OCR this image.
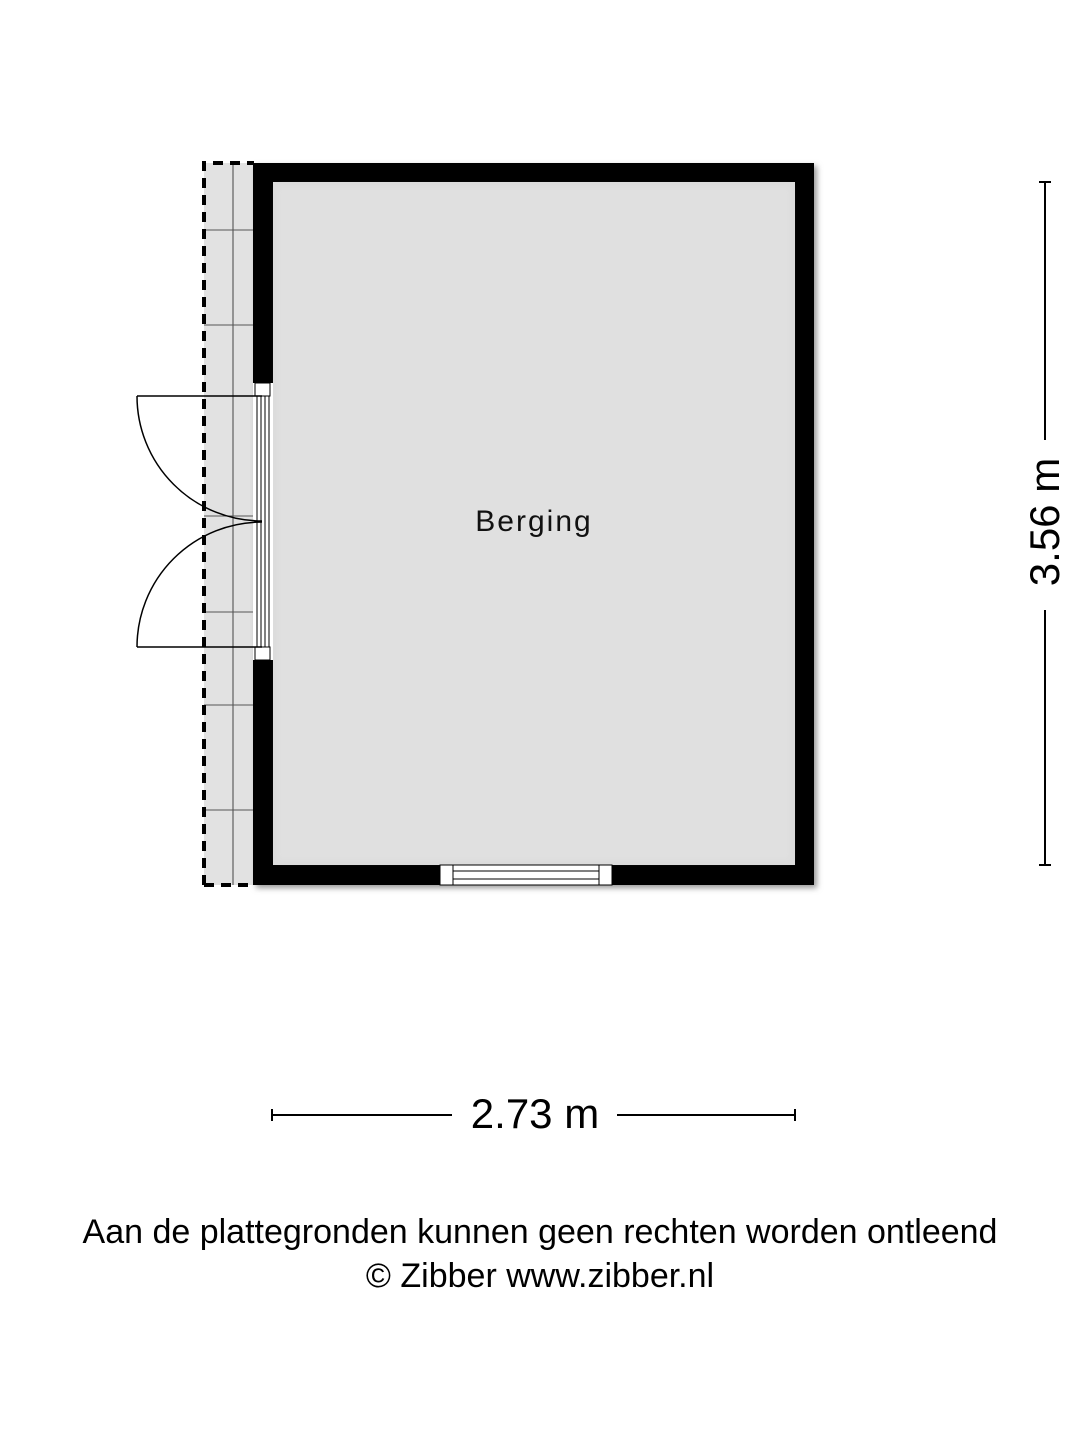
Berging	3.56 m
2.73 m
Aan de plattegronden kunnen geen rechten worden ontleend
© Zibber www.zibber.nl
